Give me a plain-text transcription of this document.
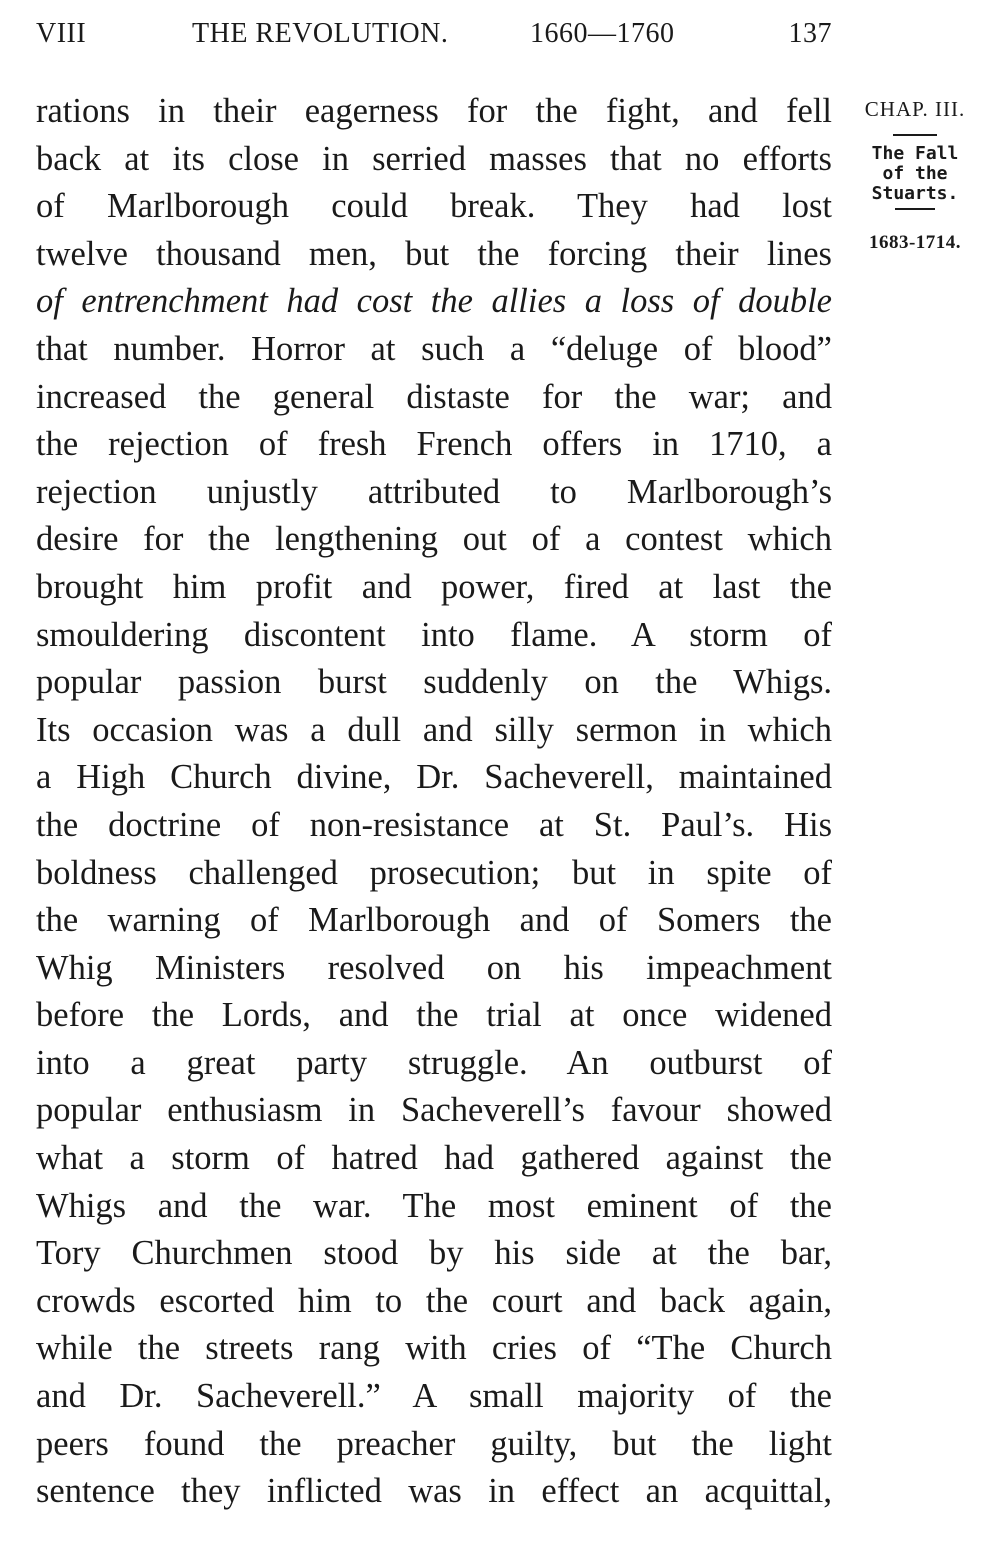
VIII	THE REVOLUTION.	1660—1760	137
rations in their eagerness for the fight, and fell
back at its close in serried masses that no efforts
of Marlborough could break. They had lost
twelve thousand men, but the forcing their lines
of entrenchment had cost the allies a loss of double
that number. Horror at such a “deluge of blood”
increased the general distaste for the war; and
the rejection of fresh French offers in 1710, a
rejection unjustly attributed to Marlborough’s
desire for the lengthening out of a contest which
brought him profit and power, fired at last the
smouldering discontent into flame. A storm of
popular passion burst suddenly on the Whigs.
Its occasion was a dull and silly sermon in which
a High Church divine, Dr. Sacheverell, maintained
the doctrine of non-resistance at St. Paul’s. His
boldness challenged prosecution; but in spite of
the warning of Marlborough and of Somers the
Whig Ministers resolved on his impeachment
before the Lords, and the trial at once widened
into a great party struggle. An outburst of
popular enthusiasm in Sacheverell’s favour showed
what a storm of hatred had gathered against the
Whigs and the war. The most eminent of the
Tory Churchmen stood by his side at the bar,
crowds escorted him to the court and back again,
while the streets rang with cries of “The Church
and Dr. Sacheverell.” A small majority of the
peers found the preacher guilty, but the light
sentence they inflicted was in effect an acquittal,
CHAP. III.
The Fall
of the
Stuarts.
1683-1714.
